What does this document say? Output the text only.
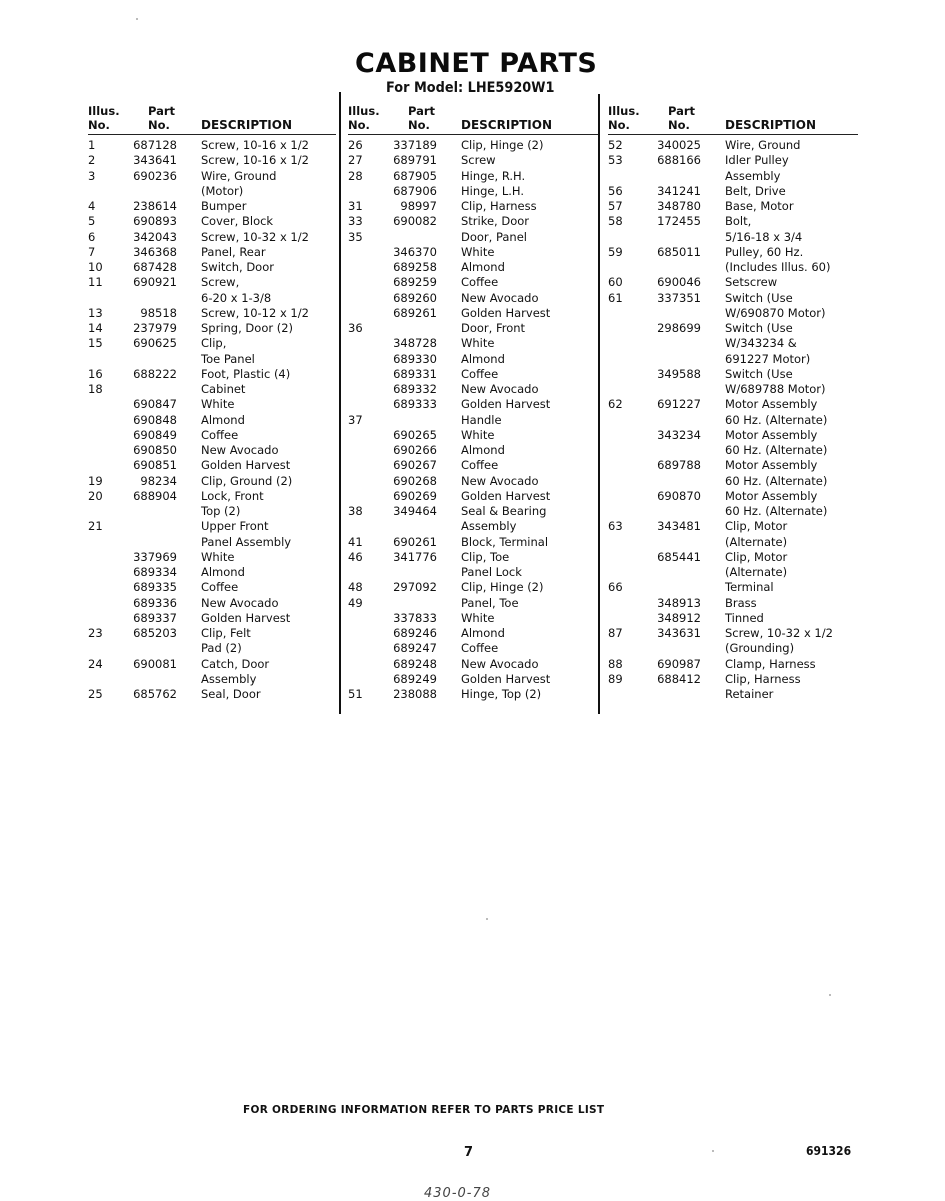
CABINET PARTS
For Model: LHE5920W1
Illus.
No.
Part
No.	DESCRIPTION
1	687128 Screw, 10-16 x 1/2
2	343641 Screw, 10-16 x 1/2
3	690236 Wire, Ground
(Motor)
4	238614 Bumper
5	690893 Cover, Block
6	342043 Screw, 10-32 x 1/2
7	346368 Panel, Rear
10	687428 Switch, Door
11	690921 Screw,
6-20 x 1-3/8
13	98518 Screw, 10-12 x 1/2
14	237979 Spring, Door (2)
15	690625 Clip,
Toe Panel
16	688222 Foot, Plastic (4)
18	Cabinet
690847 White
690848 Almond
690849 Coffee
690850 New Avocado
690851 Golden Harvest
19	98234 Clip, Ground (2)
20	688904 Lock, Front
Top (2)
21	Upper Front
Panel Assembly
337969 White
689334 Almond
689335 Coffee
689336 New Avocado
689337 Golden Harvest
23	685203 Clip, Felt
Pad (2)
24	690081 Catch, Door
Assembly
25	685762 Seal, Door
Illus.
No.
Part
No.	DESCRIPTION
26	337189 Clip, Hinge (2)
27	689791 Screw
28	687905 Hinge, R.H.
687906 Hinge, L.H.
31	98997 Clip, Harness
33	690082 Strike, Door
35	Door, Panel
346370 White
689258 Almond
689259 Coffee
689260 New Avocado
689261 Golden Harvest
36	Door, Front
348728 White
689330 Almond
689331 Coffee
689332 New Avocado
689333 Golden Harvest
37	Handle
690265 White
690266 Almond
690267 Coffee
690268 New Avocado
690269 Golden Harvest
38	349464 Seal & Bearing
Assembly
41	690261 Block, Terminal
46	341776 Clip, Toe
Panel Lock
48	297092 Clip, Hinge (2)
49	Panel, Toe
337833 White
689246 Almond
689247 Coffee
689248 New Avocado
689249 Golden Harvest
51	238088 Hinge, Top (2)
Illus.
No.
Part
No.	DESCRIPTION
52	340025 Wire, Ground
53	688166 Idler Pulley
Assembly
56	341241 Belt, Drive
57	348780 Base, Motor
58	172455 Bolt,
5/16-18 x 3/4
59	685011 Pulley, 60 Hz.
(Includes Illus. 60)
60	690046 Setscrew
61	337351 Switch (Use
W/690870 Motor)
298699 Switch (Use
W/343234 &
691227 Motor)
349588 Switch (Use
W/689788 Motor)
62	691227 Motor Assembly
60 Hz. (Alternate)
343234 Motor Assembly
60 Hz. (Alternate)
689788 Motor Assembly
60 Hz. (Alternate)
690870 Motor Assembly
60 Hz. (Alternate)
63	343481 Clip, Motor
(Alternate)
685441 Clip, Motor
(Alternate)
66	Terminal
348913 Brass
348912 Tinned
87	343631 Screw, 10-32 x 1/2
(Grounding)
88	690987 Clamp, Harness
89	688412 Clip, Harness
Retainer
FOR ORDERING INFORMATION REFER TO PARTS PRICE LIST
7	691326
430-0-78
